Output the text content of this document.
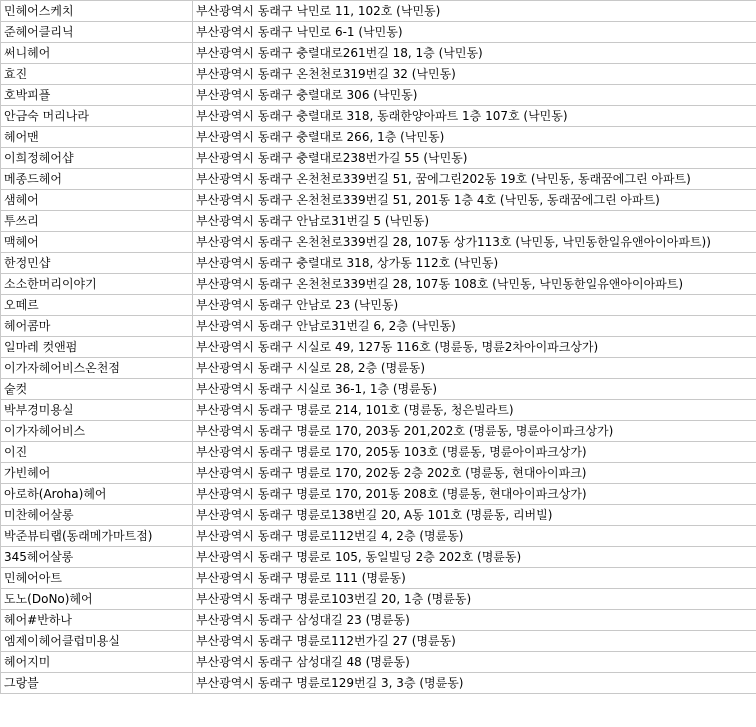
민헤어스케치	부산광역시 동래구 낙민로 11, 102호 (낙민동)
준헤어클리닉	부산광역시 동래구 낙민로 6-1 (낙민동)
써니헤어	부산광역시 동래구 충렬대로261번길 18, 1층 (낙민동)
효진	부산광역시 동래구 온천천로319번길 32 (낙민동)
호박피플	부산광역시 동래구 충렬대로 306 (낙민동)
안금숙 머리나라	부산광역시 동래구 충렬대로 318, 동래한양아파트 1층 107호 (낙민동)
헤어맨	부산광역시 동래구 충렬대로 266, 1층 (낙민동)
이희정헤어샵	부산광역시 동래구 충렬대로238번가길 55 (낙민동)
메종드헤어	부산광역시 동래구 온천천로339번길 51, 꿈에그린202동 19호 (낙민동, 동래꿈에그린 아파트)
샘헤어	부산광역시 동래구 온천천로339번길 51, 201동 1층 4호 (낙민동, 동래꿈에그린 아파트)
투쓰리	부산광역시 동래구 안남로31번길 5 (낙민동)
맥헤어	부산광역시 동래구 온천천로339번길 28, 107동 상가113호 (낙민동, 낙민동한일유앤아이아파트))
한정민샵	부산광역시 동래구 충렬대로 318, 상가동 112호 (낙민동)
소소한머리이야기	부산광역시 동래구 온천천로339번길 28, 107동 108호 (낙민동, 낙민동한일유앤아이아파트)
오떼르	부산광역시 동래구 안남로 23 (낙민동)
헤어콤마	부산광역시 동래구 안남로31번길 6, 2층 (낙민동)
일마레 컷앤펌	부산광역시 동래구 시실로 49, 127동 116호 (명륜동, 명륜2차아이파크상가)
이가자헤어비스온천점	부산광역시 동래구 시실로 28, 2층 (명륜동)
숱컷	부산광역시 동래구 시실로 36-1, 1층 (명륜동)
박부경미용실	부산광역시 동래구 명륜로 214, 101호 (명륜동, 청은빌라트)
이가자헤어비스	부산광역시 동래구 명륜로 170, 203동 201,202호 (명륜동, 명륜아이파크상가)
이진	부산광역시 동래구 명륜로 170, 205동 103호 (명륜동, 명륜아이파크상가)
가빈헤어	부산광역시 동래구 명륜로 170, 202동 2층 202호 (명륜동, 현대아이파크)
아로하(Aroha)헤어	부산광역시 동래구 명륜로 170, 201동 208호 (명륜동, 현대아이파크상가)
미찬헤어살롱	부산광역시 동래구 명륜로138번길 20, A동 101호 (명륜동, 리버빌)
박준뷰티랩(동래메가마트점)	부산광역시 동래구 명륜로112번길 4, 2층 (명륜동)
345헤어살롱	부산광역시 동래구 명륜로 105, 동일빌딩 2층 202호 (명륜동)
민헤어아트	부산광역시 동래구 명륜로 111 (명륜동)
도노(DoNo)헤어	부산광역시 동래구 명륜로103번길 20, 1층 (명륜동)
헤어#반하나	부산광역시 동래구 삼성대길 23 (명륜동)
엠제이헤어클럽미용실	부산광역시 동래구 명륜로112번가길 27 (명륜동)
헤어지미	부산광역시 동래구 삼성대길 48 (명륜동)
그랑블	부산광역시 동래구 명륜로129번길 3, 3층 (명륜동)
